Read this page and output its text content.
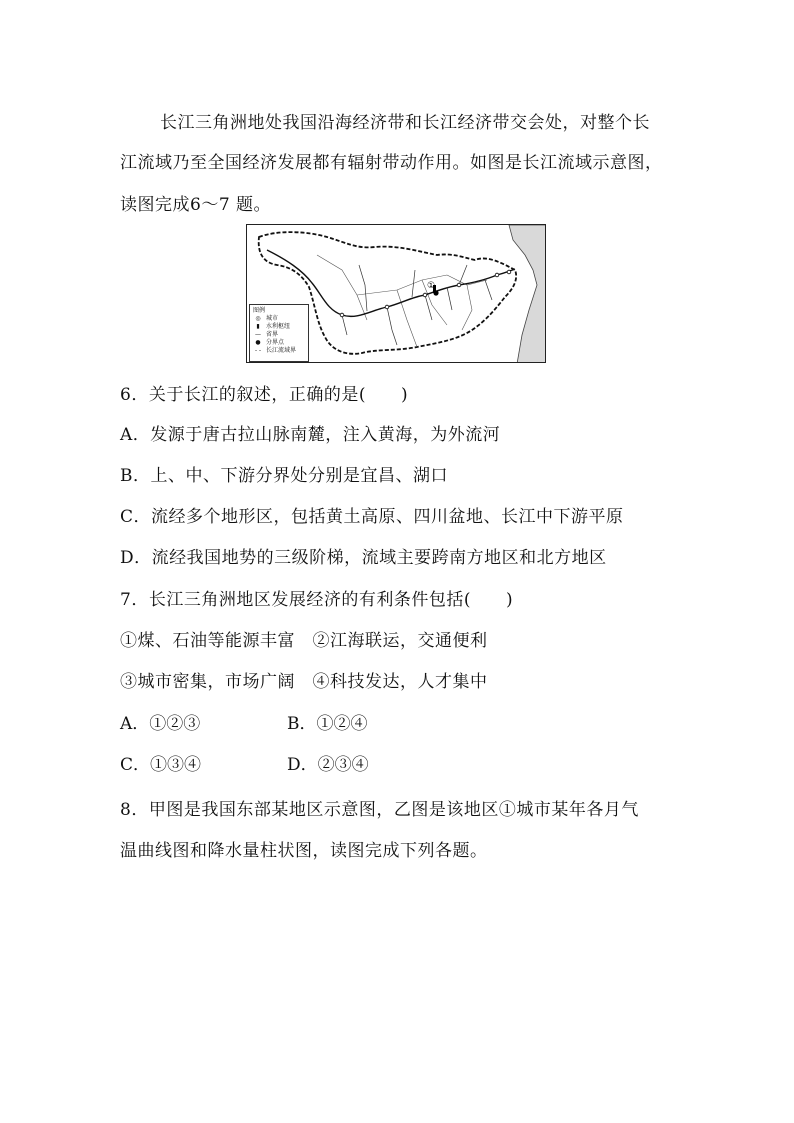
长江三角洲地处我国沿海经济带和长江经济带交会处，对整个长
江流域乃至全国经济发展都有辐射带动作用。如图是长江流域示意图，
读图完成6～7 题。
①
图例
◎ 城市
▮	水利枢纽
— 省界
● 分界点
- - 长江流域界
6．关于长江的叙述，正确的是(　　)
A．发源于唐古拉山脉南麓，注入黄海，为外流河
B．上、中、下游分界处分别是宜昌、湖口
C．流经多个地形区，包括黄土高原、四川盆地、长江中下游平原
D．流经我国地势的三级阶梯，流域主要跨南方地区和北方地区
7．长江三角洲地区发展经济的有利条件包括(　　)
①煤、石油等能源丰富　②江海联运，交通便利
③城市密集，市场广阔　④科技发达，人才集中
A．①②③	B．①②④
C．①③④	D．②③④
8．甲图是我国东部某地区示意图，乙图是该地区①城市某年各月气
温曲线图和降水量柱状图，读图完成下列各题。
